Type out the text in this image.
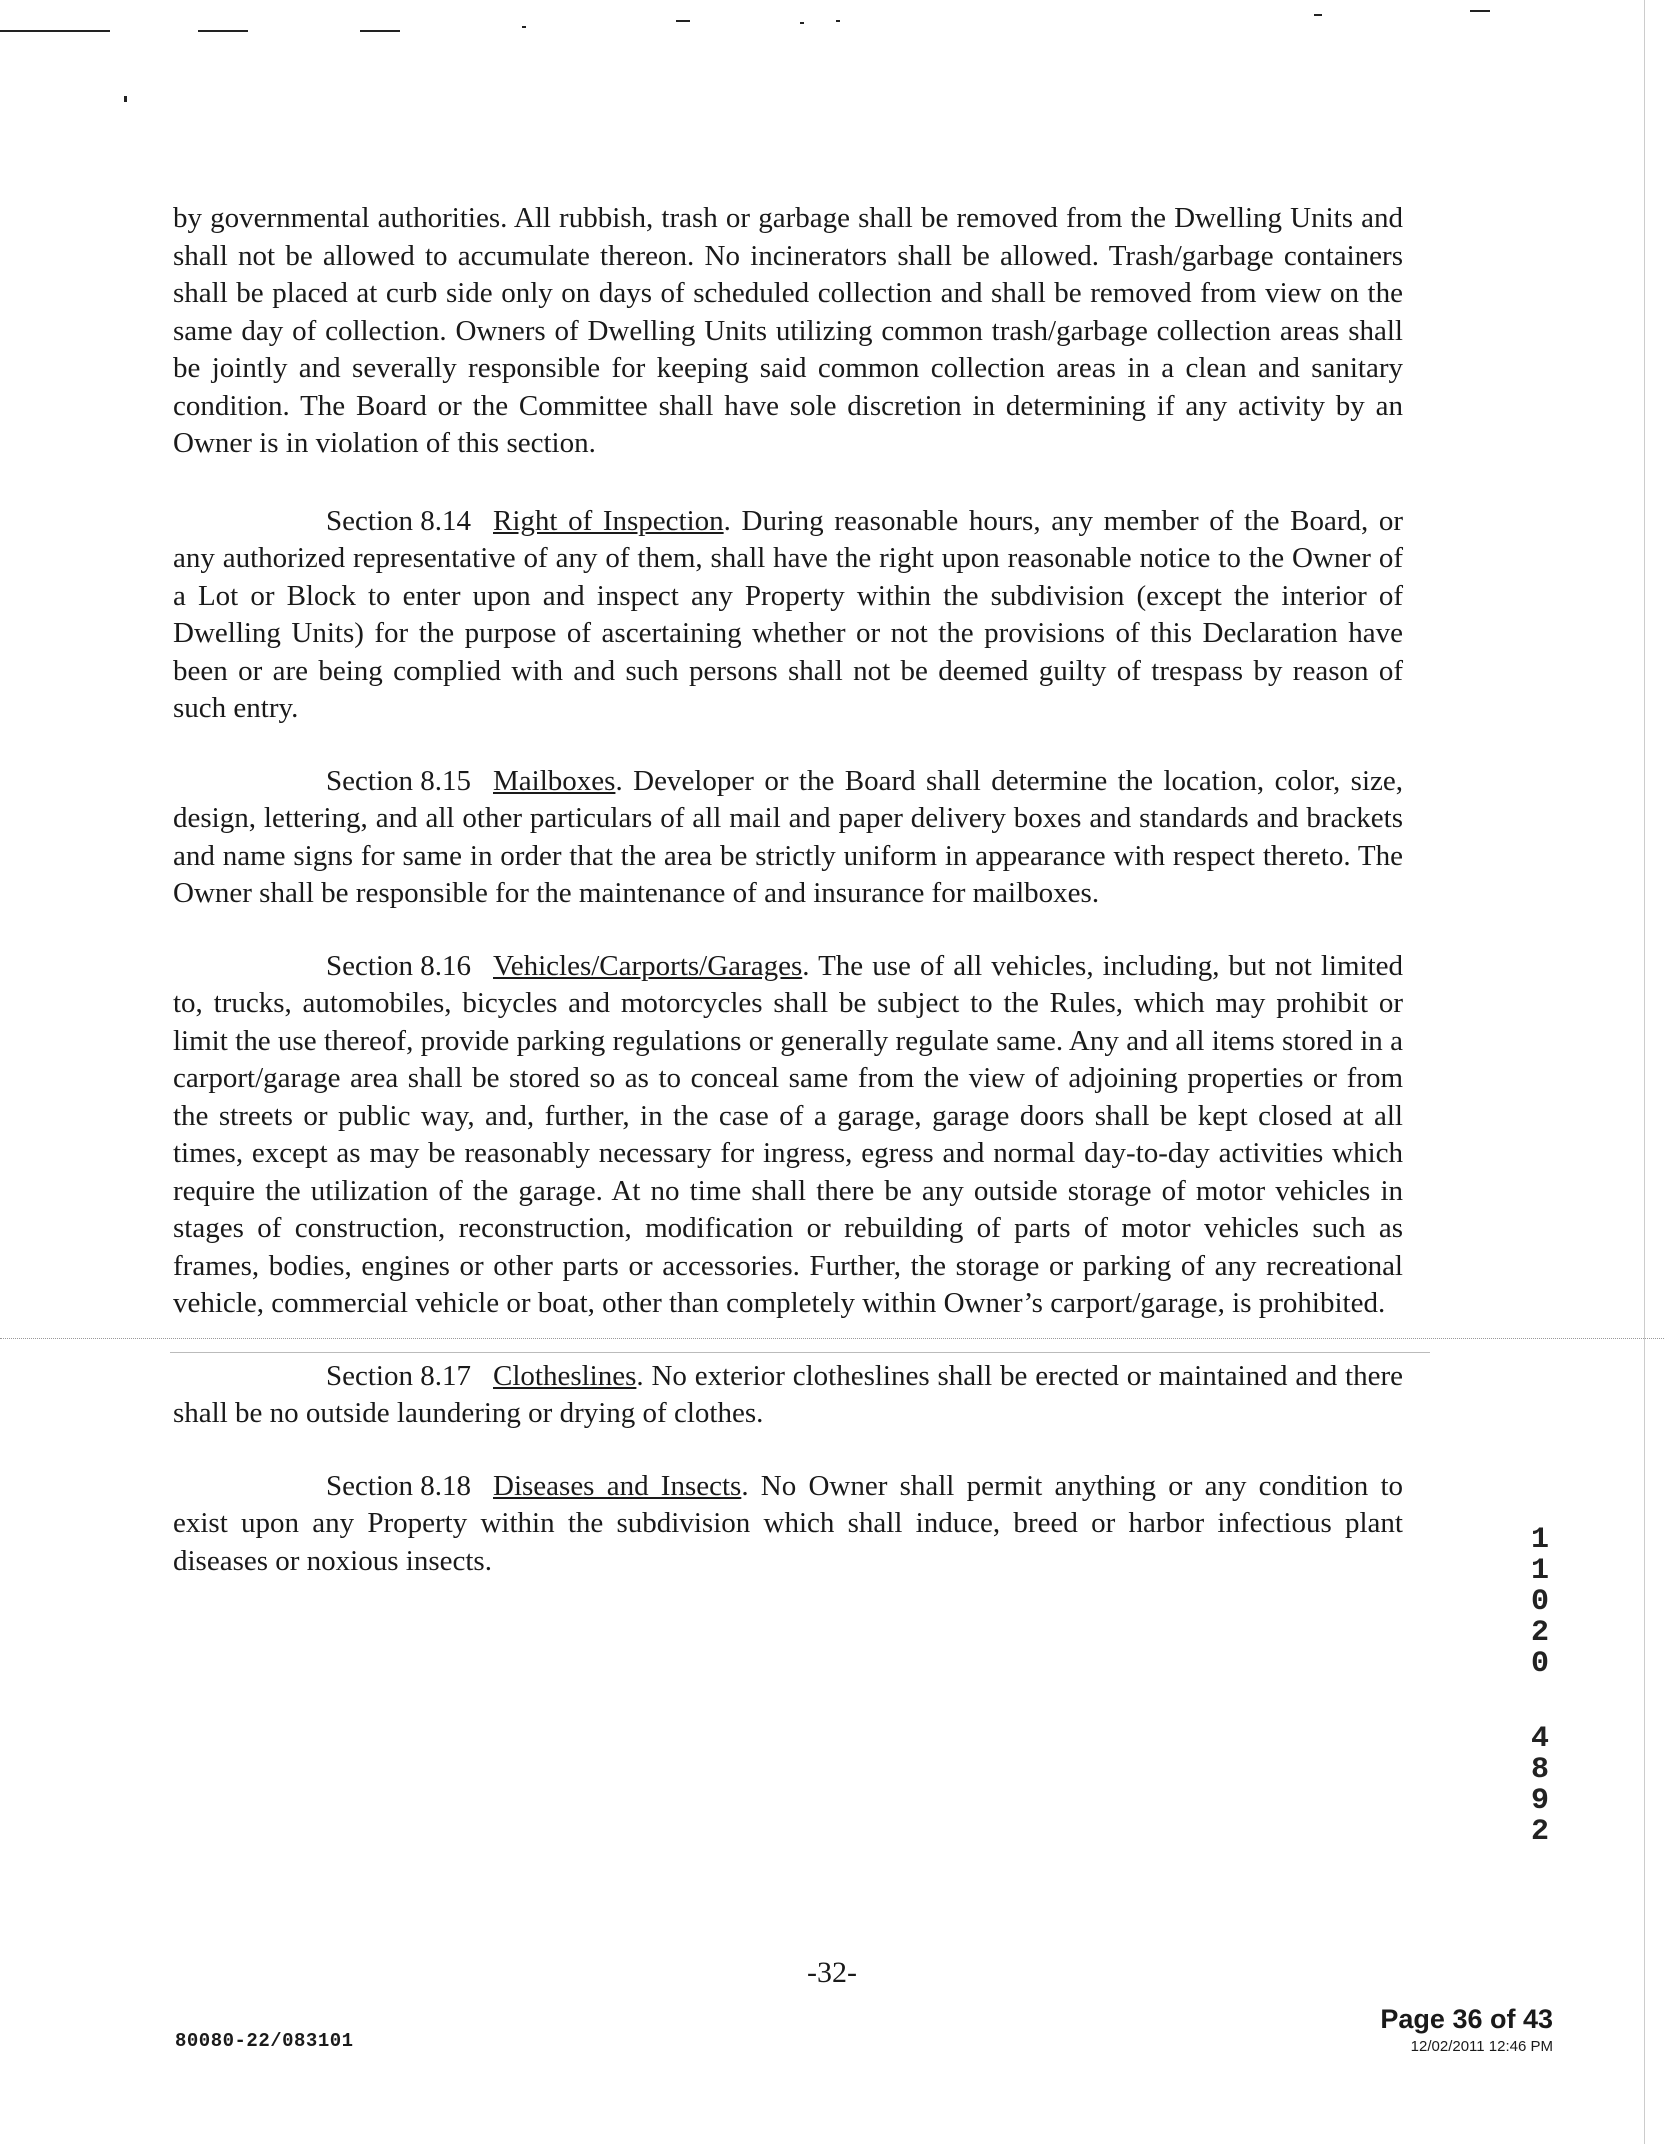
by governmental authorities. All rubbish, trash or garbage shall be removed from the Dwelling Units and shall not be allowed to accumulate thereon. No incinerators shall be allowed. Trash/garbage containers shall be placed at curb side only on days of scheduled collection and shall be removed from view on the same day of collection. Owners of Dwelling Units utilizing common trash/garbage collection areas shall be jointly and severally responsible for keeping said common collection areas in a clean and sanitary condition. The Board or the Committee shall have sole discretion in determining if any activity by an Owner is in violation of this section.

Section 8.14 Right of Inspection. During reasonable hours, any member of the Board, or any authorized representative of any of them, shall have the right upon reasonable notice to the Owner of a Lot or Block to enter upon and inspect any Property within the subdivision (except the interior of Dwelling Units) for the purpose of ascertaining whether or not the provisions of this Declaration have been or are being complied with and such persons shall not be deemed guilty of trespass by reason of such entry.

Section 8.15 Mailboxes. Developer or the Board shall determine the location, color, size, design, lettering, and all other particulars of all mail and paper delivery boxes and standards and brackets and name signs for same in order that the area be strictly uniform in appearance with respect thereto. The Owner shall be responsible for the maintenance of and insurance for mailboxes.

Section 8.16 Vehicles/Carports/Garages. The use of all vehicles, including, but not limited to, trucks, automobiles, bicycles and motorcycles shall be subject to the Rules, which may prohibit or limit the use thereof, provide parking regulations or generally regulate same. Any and all items stored in a carport/garage area shall be stored so as to conceal same from the view of adjoining properties or from the streets or public way, and, further, in the case of a garage, garage doors shall be kept closed at all times, except as may be reasonably necessary for ingress, egress and normal day-to-day activities which require the utilization of the garage. At no time shall there be any outside storage of motor vehicles in stages of construction, reconstruction, modification or rebuilding of parts of motor vehicles such as frames, bodies, engines or other parts or accessories. Further, the storage or parking of any recreational vehicle, commercial vehicle or boat, other than completely within Owner’s carport/garage, is prohibited.

Section 8.17 Clotheslines. No exterior clotheslines shall be erected or maintained and there shall be no outside laundering or drying of clothes.

Section 8.18 Diseases and Insects. No Owner shall permit anything or any condition to exist upon any Property within the subdivision which shall induce, breed or harbor infectious plant diseases or noxious insects.

1
1
0
2
0
4
8
9
2
-32-
80080-22/083101
Page 36 of 43
12/02/2011 12:46 PM
